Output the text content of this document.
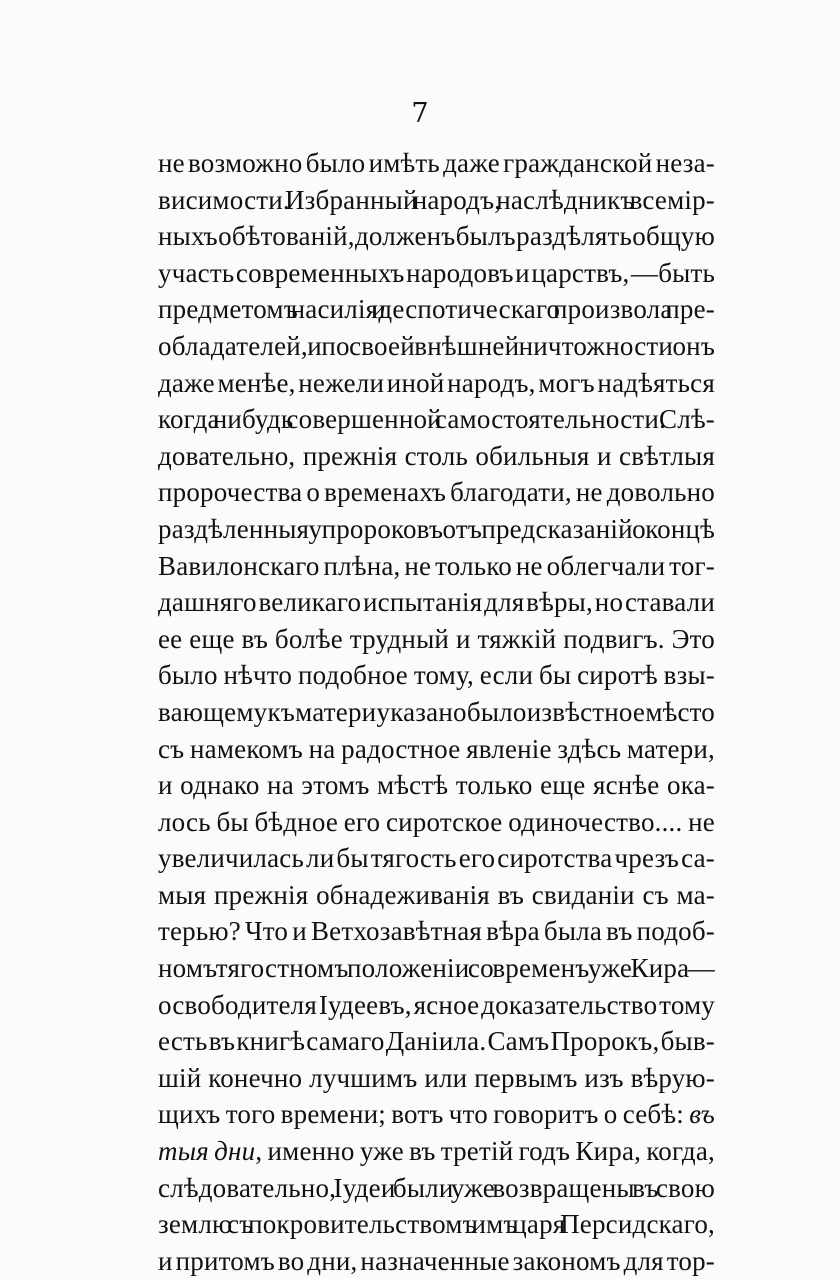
7
не возможно было имѣть даже гражданской неза-
висимости. Избранный народъ, наслѣдникъ всемір-
ныхъ обѣтованій, долженъ былъ раздѣлять общую
участь современныхъ народовъ и царствъ, —быть
предметомъ насилія и деспотическаго произвола пре-
обладателей, и по своей внѣшней ничтожности онъ
даже менѣе, нежели иной народъ, могъ надѣяться
когда нибудь совершенной самостоятельности. Слѣ-
довательно, прежнія столь обильныя и свѣтлыя
пророчества о временахъ благодати, не довольно
раздѣленныя у пророковъ отъ предсказаній о концѣ
Вавилонскаго плѣна, не только не облегчали тог-
дашняго великаго испытанія для вѣры, но ставали
ее еще въ болѣе трудный и тяжкій подвигъ. Это
было нѣчто подобное тому, если бы сиротѣ взы-
вающему къ матери указано было извѣстное мѣсто
съ намекомъ на радостное явленіе здѣсь матери,
и однако на этомъ мѣстѣ только еще яснѣе ока-
лось бы бѣдное его сиротское одиночество.... не
увеличилась ли бы тягость его сиротства чрезъ са-
мыя прежнія обнадеживанія въ свиданіи съ ма-
терью? Что и Ветхозавѣтная вѣра была въ подоб-
номъ тягостномъ положеніи со временъ уже Кира —
освободителя Іудеевъ, ясное доказательство тому
есть въ книгѣ самаго Даніила. Самъ Пророкъ, быв-
шій конечно лучшимъ или первымъ изъ вѣрую-
щихъ того времени; вотъ что говоритъ о себѣ: въ
тыя дни, именно уже въ третій годъ Кира, когда,
слѣдовательно, Іудеи были уже возвращены въ свою
землю съ покровительствомъ имъ царя Персидскаго,
и притомъ во дни, назначенные закономъ для тор-
